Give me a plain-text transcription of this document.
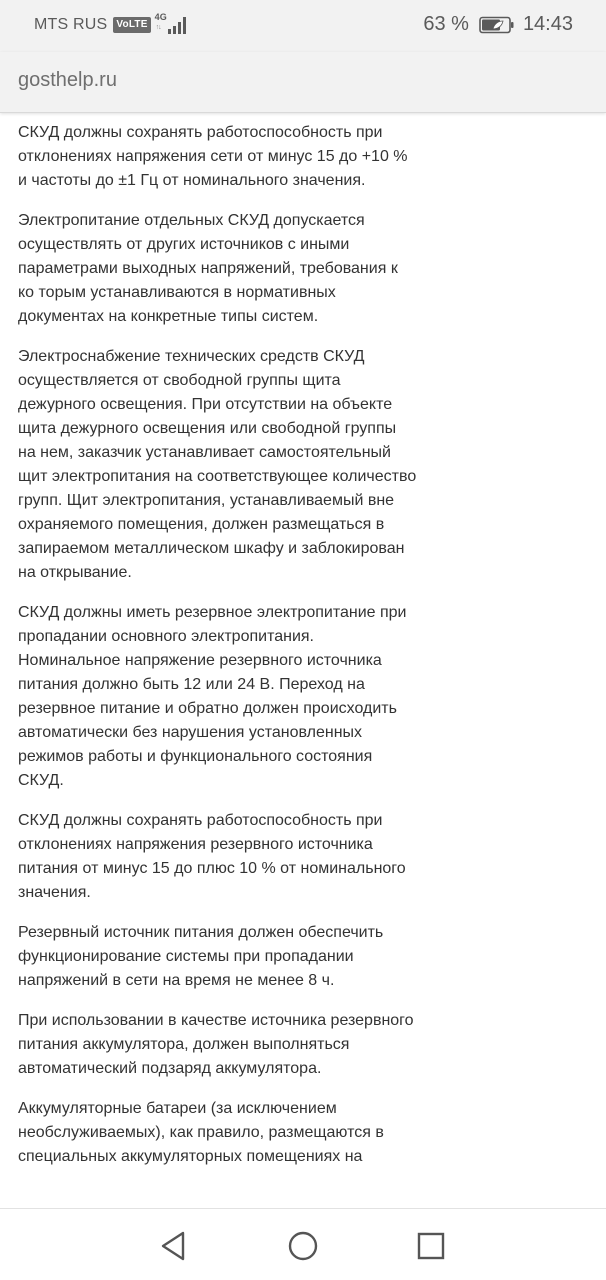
MTS RUS VoLTE
4G
↑↓	63 %	14:43
gosthelp.ru

СКУД должны сохранять работоспособность при отклонениях напряжения сети от минус 15 до +10 % и частоты до ±1 Гц от номинального значения.

Электропитание отдельных СКУД допускается осуществлять от других источников с иными параметрами выходных напряжений, требования к ко торым устанавливаются в нормативных документах на конкретные типы систем.

Электроснабжение технических средств СКУД осуществляется от свободной группы щита дежурного освещения. При отсутствии на объекте щита дежурного освещения или свободной группы на нем, заказчик устанавливает самостоятельный щит электропитания на соответствующее количество групп. Щит электропитания, устанавливаемый вне охраняемого помещения, должен размещаться в запираемом металлическом шкафу и заблокирован на открывание.

СКУД должны иметь резервное электропитание при пропадании основного электропитания. Номинальное напряжение резервного источника питания должно быть 12 или 24 В. Переход на резервное питание и обратно должен происходить автоматически без нарушения установленных режимов работы и функционального состояния СКУД.

СКУД должны сохранять работоспособность при отклонениях напряжения резервного источника питания от минус 15 до плюс 10 % от номинального значения.

Резервный источник питания должен обеспечить функционирование системы при пропадании напряжений в сети на время не менее 8 ч.

При использовании в качестве источника резервного питания аккумулятора, должен выполняться автоматический подзаряд аккумулятора.

Аккумуляторные батареи (за исключением необслуживаемых), как правило, размещаются в специальных аккумуляторных помещениях на
